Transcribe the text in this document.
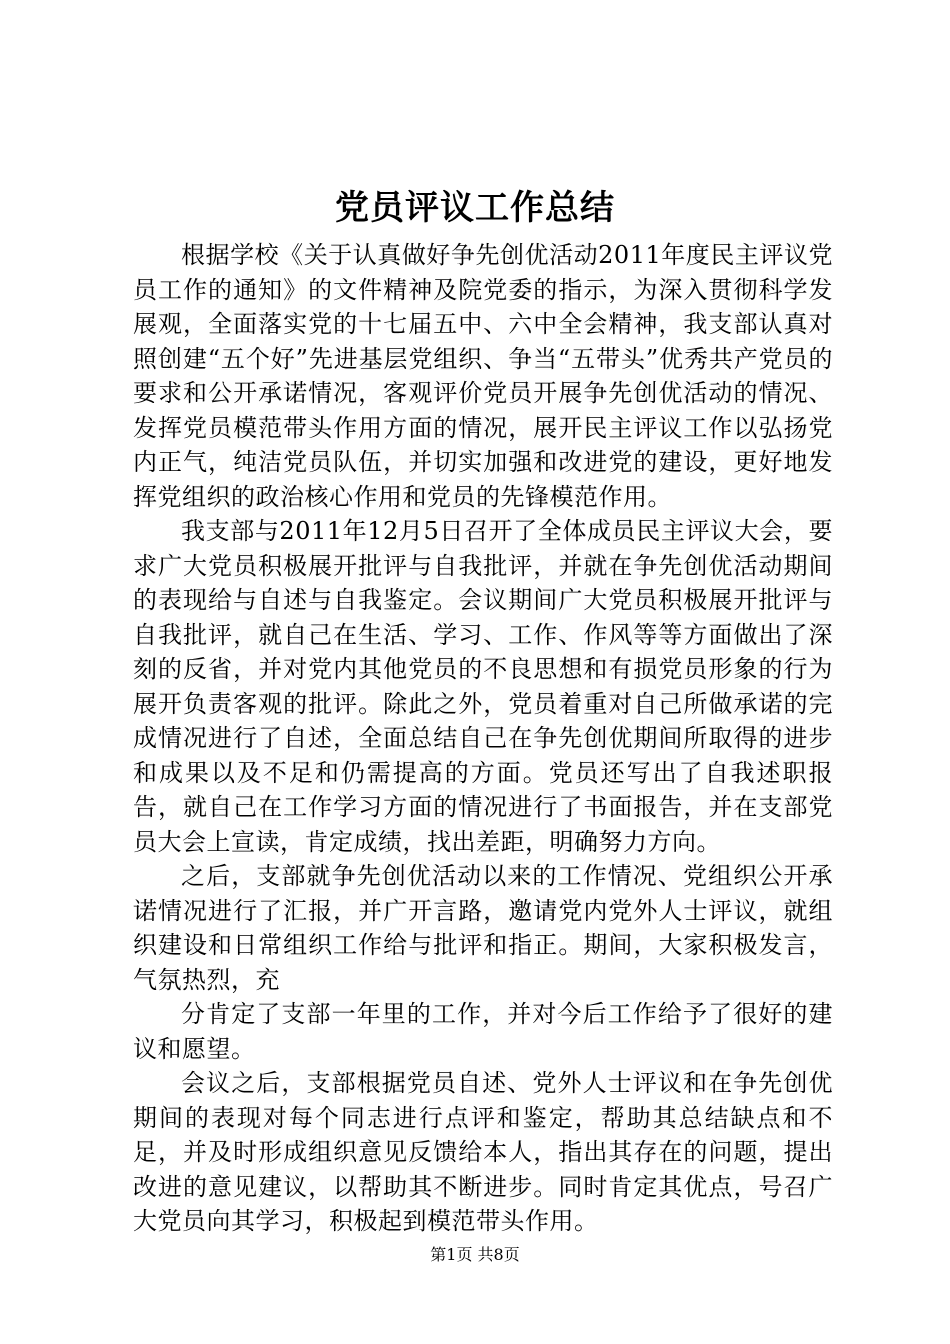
党员评议工作总结

根据学校《关于认真做好争先创优活动2011年度民主评议党员工作的通知》的文件精神及院党委的指示，为深入贯彻科学发展观，全面落实党的十七届五中、六中全会精神，我支部认真对照创建“五个好”先进基层党组织、争当“五带头”优秀共产党员的要求和公开承诺情况，客观评价党员开展争先创优活动的情况、发挥党员模范带头作用方面的情况，展开民主评议工作以弘扬党内正气，纯洁党员队伍，并切实加强和改进党的建设，更好地发挥党组织的政治核心作用和党员的先锋模范作用。

我支部与2011年12月5日召开了全体成员民主评议大会，要求广大党员积极展开批评与自我批评，并就在争先创优活动期间的表现给与自述与自我鉴定。会议期间广大党员积极展开批评与自我批评，就自己在生活、学习、工作、作风等等方面做出了深刻的反省，并对党内其他党员的不良思想和有损党员形象的行为展开负责客观的批评。除此之外，党员着重对自己所做承诺的完成情况进行了自述，全面总结自己在争先创优期间所取得的进步和成果以及不足和仍需提高的方面。党员还写出了自我述职报告，就自己在工作学习方面的情况进行了书面报告，并在支部党员大会上宣读，肯定成绩，找出差距，明确努力方向。

之后，支部就争先创优活动以来的工作情况、党组织公开承诺情况进行了汇报，并广开言路，邀请党内党外人士评议，就组织建设和日常组织工作给与批评和指正。期间，大家积极发言，气氛热烈，充

分肯定了支部一年里的工作，并对今后工作给予了很好的建议和愿望。

会议之后，支部根据党员自述、党外人士评议和在争先创优期间的表现对每个同志进行点评和鉴定，帮助其总结缺点和不足，并及时形成组织意见反馈给本人，指出其存在的问题，提出改进的意见建议，以帮助其不断进步。同时肯定其优点，号召广大党员向其学习，积极起到模范带头作用。

第1页 共8页
